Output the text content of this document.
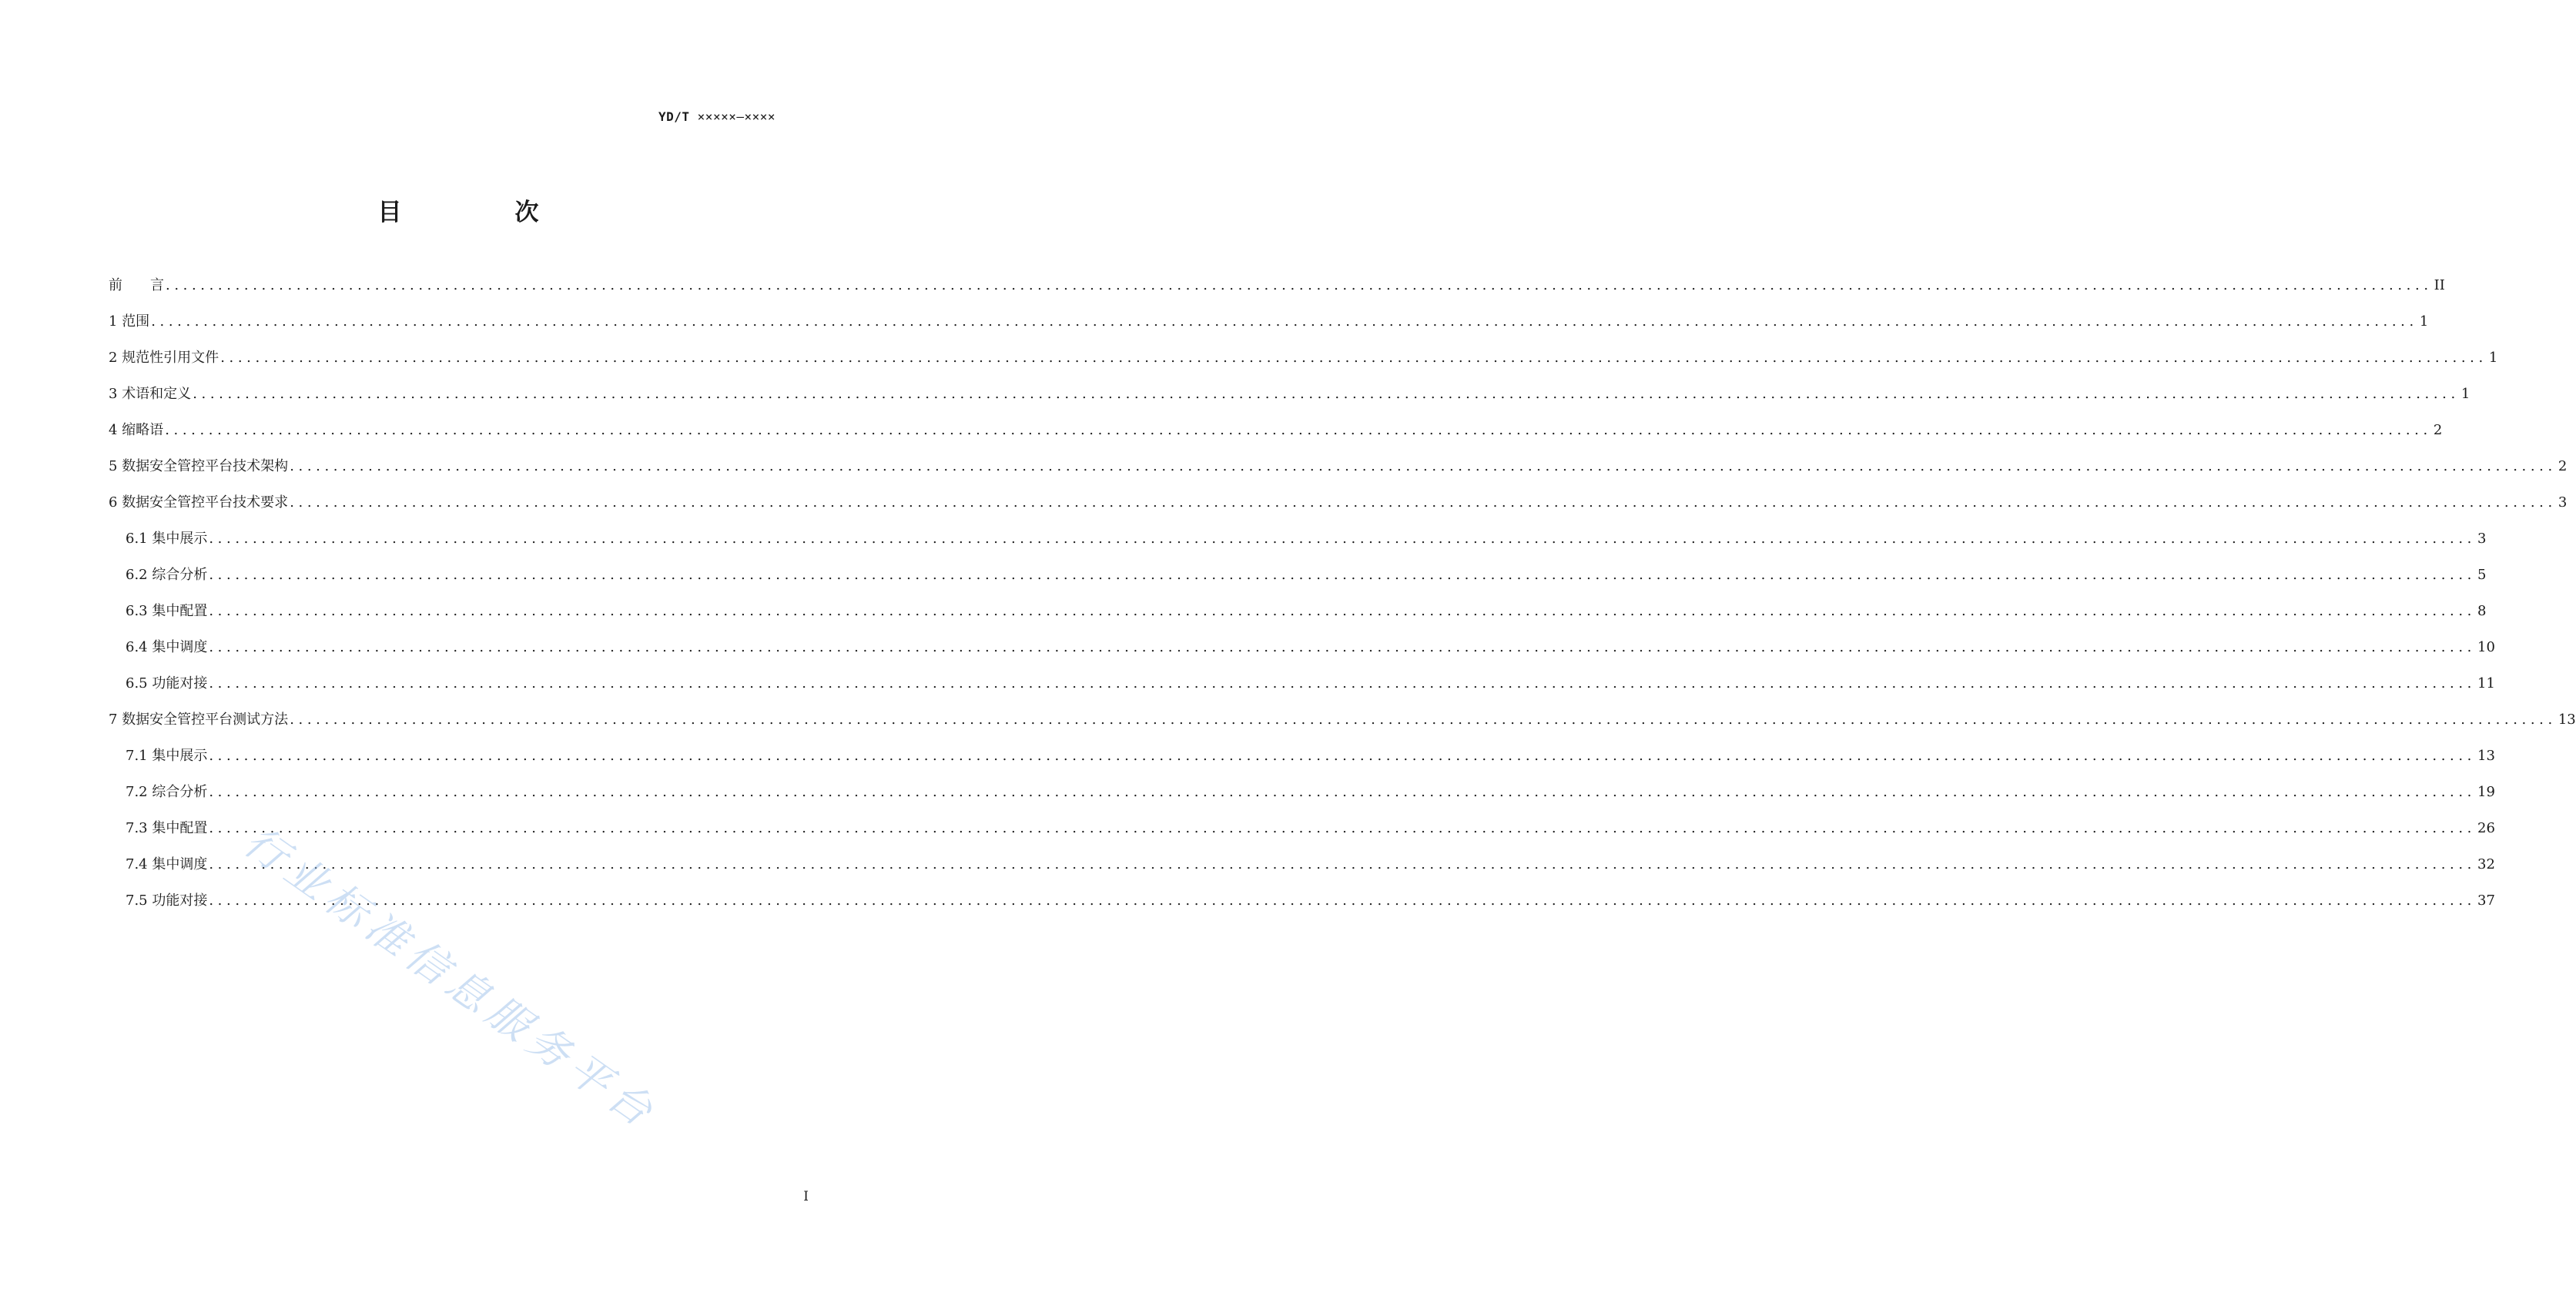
YD/T ×××××—××××
目　次
前　　言 .................................................................................................................................................................................................................................................................... II
1 范围 .................................................................................................................................................................................................................................................................... 1
2 规范性引用文件 .................................................................................................................................................................................................................................................................... 1
3 术语和定义 .................................................................................................................................................................................................................................................................... 1
4 缩略语 .................................................................................................................................................................................................................................................................... 2
5 数据安全管控平台技术架构 .................................................................................................................................................................................................................................................................... 2
6 数据安全管控平台技术要求 .................................................................................................................................................................................................................................................................... 3
6.1 集中展示 .................................................................................................................................................................................................................................................................... 3
6.2 综合分析 .................................................................................................................................................................................................................................................................... 5
6.3 集中配置 .................................................................................................................................................................................................................................................................... 8
6.4 集中调度 .................................................................................................................................................................................................................................................................... 10
6.5 功能对接 .................................................................................................................................................................................................................................................................... 11
7 数据安全管控平台测试方法 .................................................................................................................................................................................................................................................................... 13
7.1 集中展示 .................................................................................................................................................................................................................................................................... 13
7.2 综合分析 .................................................................................................................................................................................................................................................................... 19
7.3 集中配置 .................................................................................................................................................................................................................................................................... 26
7.4 集中调度 .................................................................................................................................................................................................................................................................... 32
7.5 功能对接 .................................................................................................................................................................................................................................................................... 37
行业标准信息服务平台
I
